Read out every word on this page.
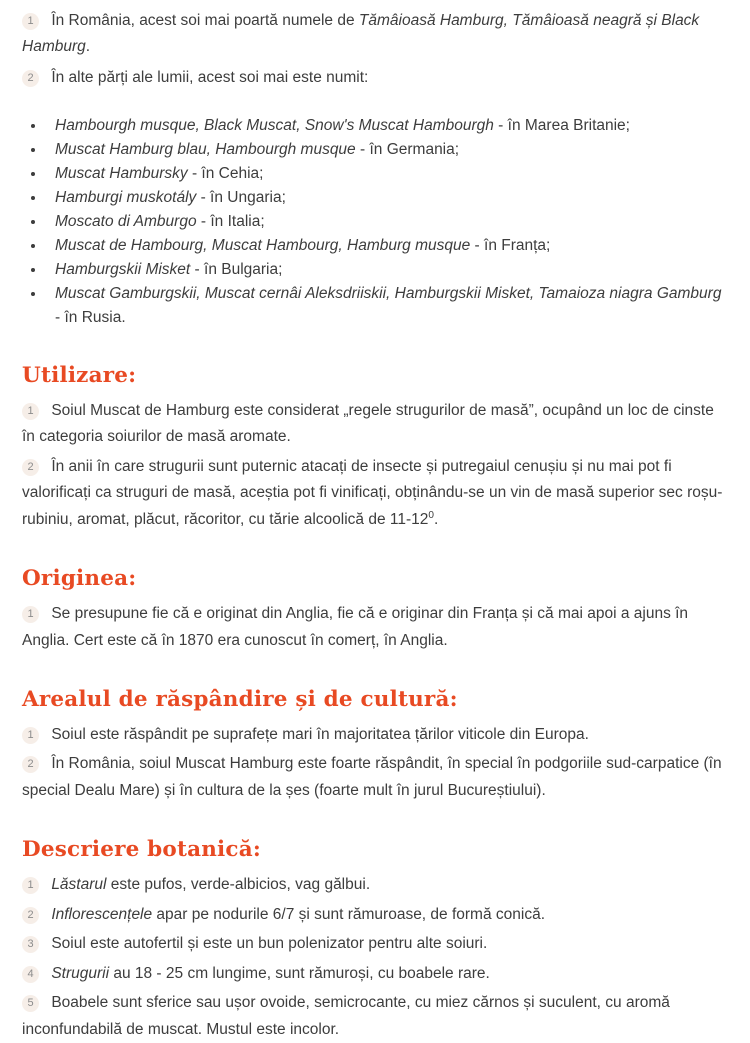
1 În România, acest soi mai poartă numele de Tămâioasă Hamburg, Tămâioasă neagră și Black Hamburg.

2 În alte părți ale lumii, acest soi mai este numit:

Hambourgh musque, Black Muscat, Snow's Muscat Hambourgh - în Marea Britanie;
Muscat Hamburg blau, Hambourgh musque - în Germania;
Muscat Hambursky - în Cehia;
Hamburgi muskotály - în Ungaria;
Moscato di Amburgo - în Italia;
Muscat de Hambourg, Muscat Hambourg, Hamburg musque - în Franța;
Hamburgskii Misket - în Bulgaria;
Muscat Gamburgskii, Muscat cernâi Aleksdriiskii, Hamburgskii Misket, Tamaioza niagra Gamburg - în Rusia.
Utilizare:

1 Soiul Muscat de Hamburg este considerat „regele strugurilor de masă”, ocupând un loc de cinste în categoria soiurilor de masă aromate.

2 În anii în care strugurii sunt puternic atacați de insecte și putregaiul cenușiu și nu mai pot fi valorificați ca struguri de masă, aceștia pot fi vinificați, obținându-se un vin de masă superior sec roșu-rubiniu, aromat, plăcut, răcoritor, cu tărie alcoolică de $11-12^0$.

Originea:

1 Se presupune fie că e originat din Anglia, fie că e originar din Franța și că mai apoi a ajuns în Anglia. Cert este că în 1870 era cunoscut în comerț, în Anglia.

Arealul de răspândire și de cultură:

1 Soiul este răspândit pe suprafețe mari în majoritatea țărilor viticole din Europa.

2 În România, soiul Muscat Hamburg este foarte răspândit, în special în podgoriile sud-carpatice (în special Dealu Mare) și în cultura de la șes (foarte mult în jurul Bucureștiului).

Descriere botanică:

1 Lăstarul este pufos, verde-albicios, vag gălbui.

2 Inflorescențele apar pe nodurile 6/7 și sunt rămuroase, de formă conică.

3 Soiul este autofertil și este un bun polenizator pentru alte soiuri.

4 Strugurii au 18 - 25 cm lungime, sunt rămuroși, cu boabele rare.

5 Boabele sunt sferice sau ușor ovoide, semicrocante, cu miez cărnos și suculent, cu aromă inconfundabilă de muscat. Mustul este incolor.
